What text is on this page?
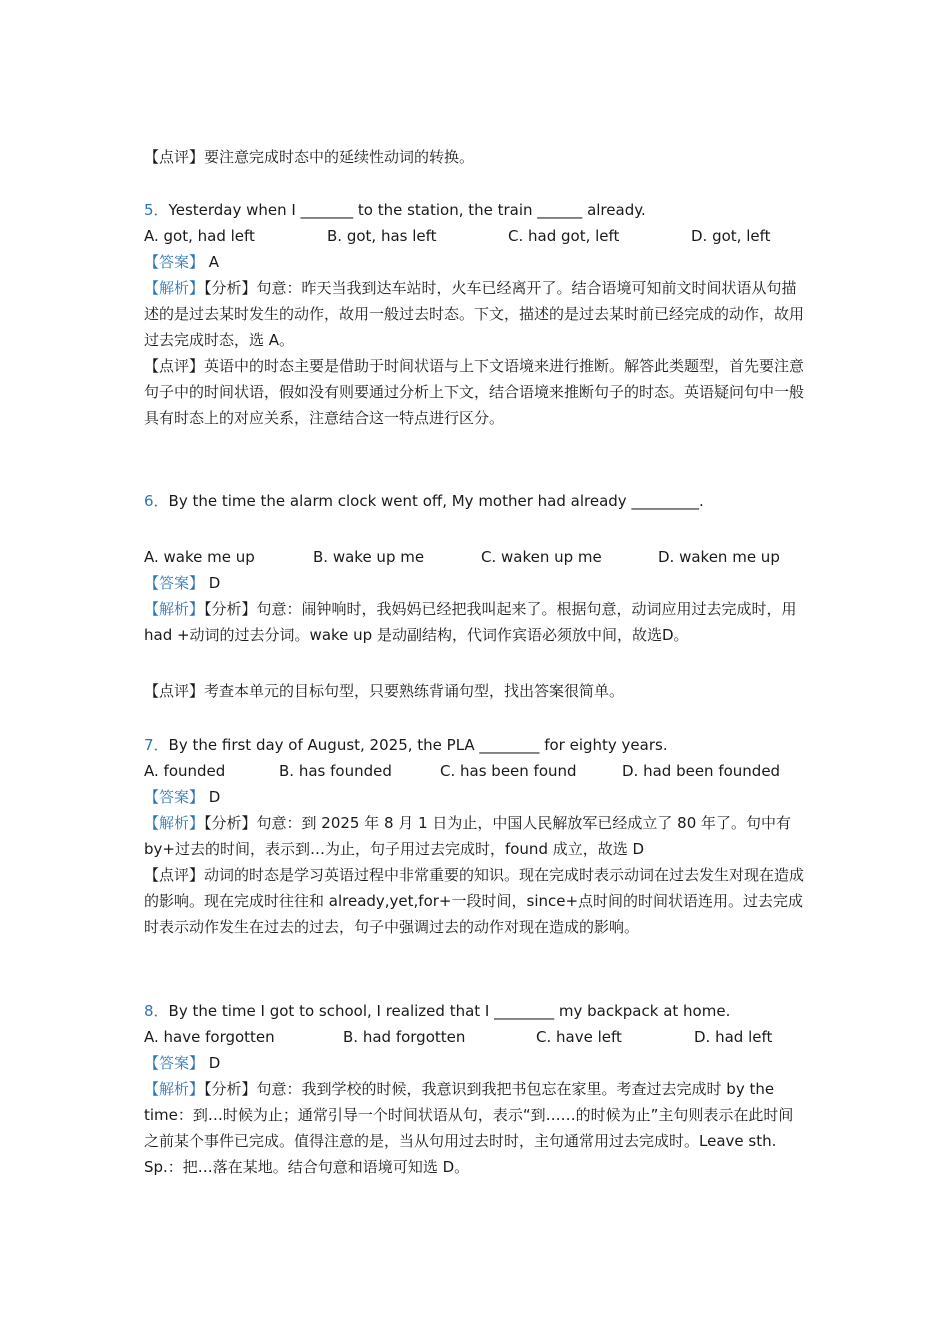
【点评】要注意完成时态中的延续性动词的转换。
5．Yesterday when I _______ to the station, the train ______ already.
A. got, had left	B. got, has left	C. had got, left	D. got, left
【答案】 A
【解析】【分析】句意：昨天当我到达车站时，火车已经离开了。结合语境可知前文时间状语从句描述的是过去某时发生的动作，故用一般过去时态。下文，描述的是过去某时前已经完成的动作，故用过去完成时态，选 A。
【点评】英语中的时态主要是借助于时间状语与上下文语境来进行推断。解答此类题型，首先要注意句子中的时间状语，假如没有则要通过分析上下文，结合语境来推断句子的时态。英语疑问句中一般具有时态上的对应关系，注意结合这一特点进行区分。
6．By the time the alarm clock went off, My mother had already _________.
A. wake me up	B. wake up me	C. waken up me	D. waken me up
【答案】 D
【解析】【分析】句意：闹钟响时，我妈妈已经把我叫起来了。根据句意，动词应用过去完成时，用 had +动词的过去分词。wake up 是动副结构，代词作宾语必须放中间，故选D。
【点评】考查本单元的目标句型，只要熟练背诵句型，找出答案很简单。
7．By the first day of August, 2025, the PLA ________ for eighty years.
A. founded	B. has founded	C. has been found	D. had been founded
【答案】 D
【解析】【分析】句意：到 2025 年 8 月 1 日为止，中国人民解放军已经成立了 80 年了。句中有 by+过去的时间，表示到…为止，句子用过去完成时，found 成立，故选 D
【点评】动词的时态是学习英语过程中非常重要的知识。现在完成时表示动词在过去发生对现在造成的影响。现在完成时往往和 already,yet,for+一段时间，since+点时间的时间状语连用。过去完成时表示动作发生在过去的过去，句子中强调过去的动作对现在造成的影响。
8．By the time I got to school, I realized that I ________ my backpack at home.
A. have forgotten	B. had forgotten	C. have left	D. had left
【答案】 D
【解析】【分析】句意：我到学校的时候，我意识到我把书包忘在家里。考查过去完成时 by the time：到…时候为止；通常引导一个时间状语从句，表示“到……的时候为止”主句则表示在此时间之前某个事件已完成。值得注意的是，当从句用过去时时，主句通常用过去完成时。Leave sth. Sp.：把…落在某地。结合句意和语境可知选 D。
